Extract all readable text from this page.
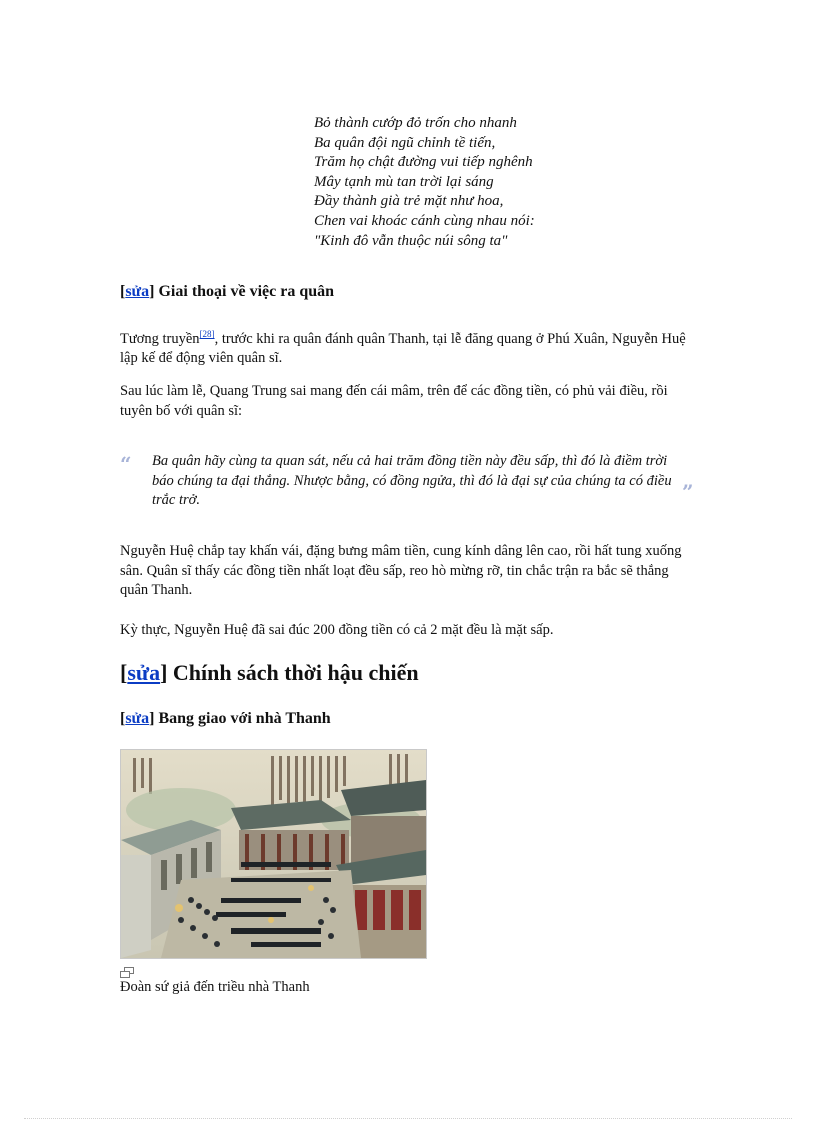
Bỏ thành cướp đỏ trốn cho nhanh
Ba quân đội ngũ chỉnh tề tiến,
Trăm họ chật đường vui tiếp nghênh
Mây tạnh mù tan trời lại sáng
Đầy thành già trẻ mặt như hoa,
Chen vai khoác cánh cùng nhau nói:
"Kinh đô vẫn thuộc núi sông ta"
[sửa] Giai thoại về việc ra quân

Tương truyền[28], trước khi ra quân đánh quân Thanh, tại lễ đăng quang ở Phú Xuân, Nguyễn Huệ lập kế để động viên quân sĩ.

Sau lúc làm lễ, Quang Trung sai mang đến cái mâm, trên để các đồng tiền, có phủ vải điều, rồi tuyên bố với quân sĩ:

“ Ba quân hãy cùng ta quan sát, nếu cả hai trăm đồng tiền này đều sấp, thì đó là điềm trời báo chúng ta đại thắng. Nhược bằng, có đồng ngửa, thì đó là đại sự của chúng ta có điều trắc trở.	”

Nguyễn Huệ chắp tay khấn vái, đặng bưng mâm tiền, cung kính dâng lên cao, rồi hất tung xuống sân. Quân sĩ thấy các đồng tiền nhất loạt đều sấp, reo hò mừng rỡ, tin chắc trận ra bắc sẽ thắng quân Thanh.

Kỳ thực, Nguyễn Huệ đã sai đúc 200 đồng tiền có cả 2 mặt đều là mặt sấp.

[sửa] Chính sách thời hậu chiến
[sửa] Bang giao với nhà Thanh
Đoàn sứ giả đến triều nhà Thanh
